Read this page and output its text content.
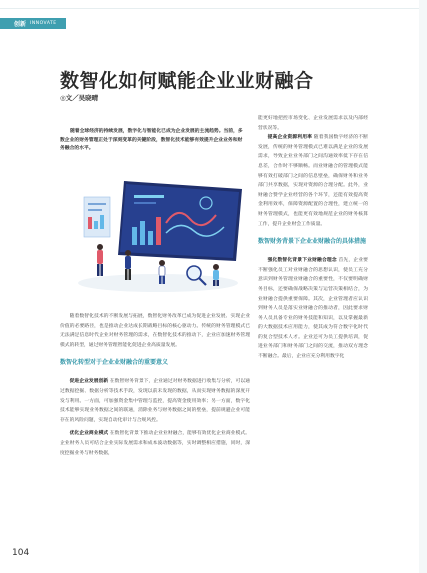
创新 INNOVATE
数智化如何赋能企业业财融合
◎文／吴晓晴

随着全球经济的持续发展，数字化与智能化已成为企业发展的主流趋势。当前，多数企业的财务管理正处于深刻变革的关键阶段，数智化技术能够有效提升企业业务和财务融合的水平。

随着数智化技术的不断发展与拓展，数智化财务改革已成为促进企业发展、实现企业价值的必要路径，也是推动企业达成长期战略目标的核心驱动力。传统的财务管理模式已无法满足信息时代企业对财务管理的需求，在数智化技术的推动下，企业应加速财务管理模式的转型，通过财务管理智能化促进企业高质量发展。

数智化转型对于企业业财融合的重要意义

促进企业发展创新 在数智财务背景下，企业通过对财务数据进行收集与分析，可以通过数据挖掘、数据分析等技术手段，发现以前未发现的数据，从而实现财务数据的深度开发与利用。一方面，可加强资金集中管理与监控，提高资金使用效率；另一方面，数字化技术能够实现业务数据之间的联通，消除业务与财务数据之间的壁垒，提前规避企业可能存在的风险问题，实现自动化审计与合规风控。

优化企业商业模式 在数智化背景下推动企业业财融合，能够有效优化企业商业模式。企业财务人员可结合企业实际发展需求和成本波动数据等，实时调整相应措施，同时，深度挖掘业务与财务数据，

能更好地把控市场变化、企业发展需求以及内部经营状况等。

提高企业资源利用率 随着我国数字经济的不断发展，传统的财务管理模式已难以满足企业的发展需求，导致企业业务部门之间沟通效率低下存在信息差，合作时不够顺畅。而业财融合的管理模式能够有效打破部门之间的信息壁垒，确保财务和业务部门共享数据，实现对资源的合理分配。此外，业财融合赞学企业经营的各个环节，还能有效提高资金利用效率，保障资源配置的合理性，建立统一的财务管理模式，也能更有效地规范企业的财务核算工作，提升企业财会工作质量。

数智财务背景下企业业财融合的具体措施

强化数智化背景下业财融合理念 首先，企业要不断强化员工对业财融合的思想认识，使员工充分意识到财务管理业财融合的重要性，不仅要明确财务目标，还要确保战略决策与运营决策相结合，为业财融合提供重要保障。其次，企业管理者应认识到财务人员是落实业财融合的推动者，因此要求财务人员具备专业的财务技能和知识，以及掌握最新的大数据技术应用能力，使其成为符合数字化时代的复合型技术人才。企业还可为员工提供培训，促进业务部门和财务部门之间的交流，推动双方理念不断融合。最后，企业应充分利用数字化

104
